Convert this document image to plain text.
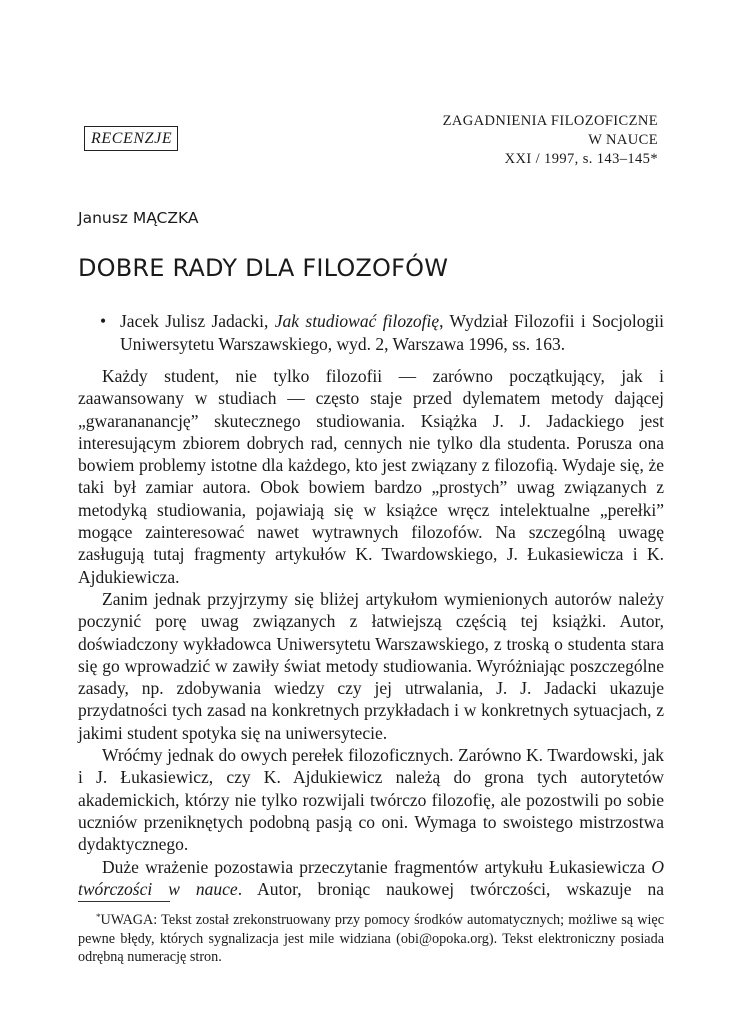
ZAGADNIENIA FILOZOFICZNE
W NAUCE
XXI / 1997, s. 143–145*
RECENZJE
Janusz MĄCZKA
DOBRE RADY DLA FILOZOFÓW
• Jacek Julisz Jadacki, Jak studiować filozofię, Wydział Filozofii i Socjologii Uniwersytetu Warszawskiego, wyd. 2, Warszawa 1996, ss. 163.

Każdy student, nie tylko filozofii — zarówno początkujący, jak i zaawansowany w studiach — często staje przed dylematem metody dającej „gwarananancję” skutecznego studiowania. Książka J. J. Jadackiego jest interesującym zbiorem dobrych rad, cennych nie tylko dla studenta. Porusza ona bowiem problemy istotne dla każdego, kto jest związany z filozofią. Wydaje się, że taki był zamiar autora. Obok bowiem bardzo „prostych” uwag związanych z metodyką studiowania, pojawiają się w książce wręcz intelektualne „perełki” mogące zainteresować nawet wytrawnych filozofów. Na szczególną uwagę zasługują tutaj fragmenty artykułów K. Twardowskiego, J. Łukasiewicza i K. Ajdukiewicza.

Zanim jednak przyjrzymy się bliżej artykułom wymienionych autorów należy poczynić porę uwag związanych z łatwiejszą częścią tej książki. Autor, doświadczony wykładowca Uniwersytetu Warszawskiego, z troską o studenta stara się go wprowadzić w zawiły świat metody studiowania. Wyróżniając poszczególne zasady, np. zdobywania wiedzy czy jej utrwalania, J. J. Jadacki ukazuje przydatności tych zasad na konkretnych przykładach i w konkretnych sytuacjach, z jakimi student spotyka się na uniwersytecie.

Wróćmy jednak do owych perełek filozoficznych. Zarówno K. Twardowski, jak i J. Łukasiewicz, czy K. Ajdukiewicz należą do grona tych autorytetów akademickich, którzy nie tylko rozwijali twórczo filozofię, ale pozostwili po sobie uczniów przeniknętych podobną pasją co oni. Wymaga to swoistego mistrzostwa dydaktycznego.

Duże wrażenie pozostawia przeczytanie fragmentów artykułu Łukasiewicza O twórczości w nauce. Autor, broniąc naukowej twórczości, wskazuje na

*UWAGA: Tekst został zrekonstruowany przy pomocy środków automatycznych; możliwe są więc pewne błędy, których sygnalizacja jest mile widziana (obi@opoka.org). Tekst elektroniczny posiada odrębną numerację stron.
